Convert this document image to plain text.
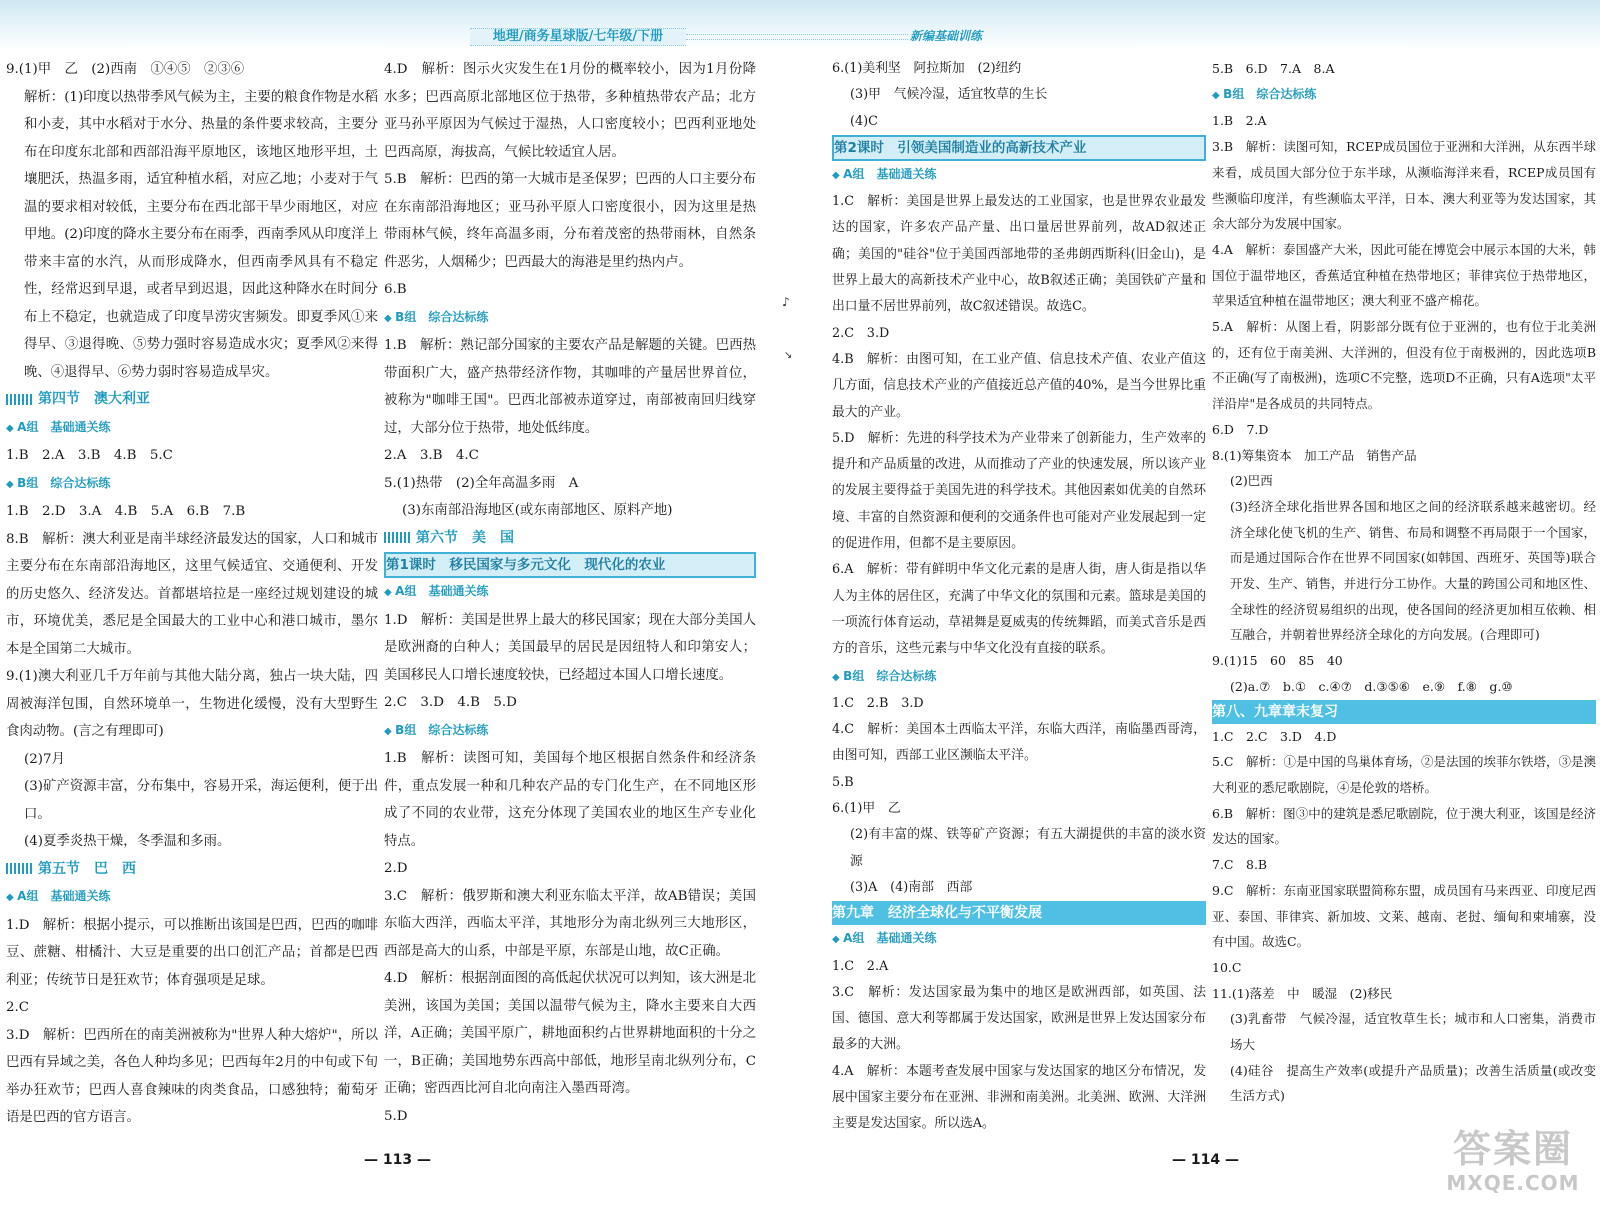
地理/商务星球版/七年级/下册	新编基础训练
♪
↘

9.(1)甲　乙　(2)西南　①④⑤　②③⑥

解析：(1)印度以热带季风气候为主，主要的粮食作物是水稻和小麦，其中水稻对于水分、热量的条件要求较高，主要分布在印度东北部和西部沿海平原地区，该地区地形平坦，土壤肥沃，热温多雨，适宜种植水稻，对应乙地；小麦对于气温的要求相对较低，主要分布在西北部干旱少雨地区，对应甲地。(2)印度的降水主要分布在雨季，西南季风从印度洋上带来丰富的水汽，从而形成降水，但西南季风具有不稳定性，经常迟到早退，或者早到迟退，因此这种降水在时间分布上不稳定，也就造成了印度旱涝灾害频发。即夏季风①来得早、③退得晚、⑤势力强时容易造成水灾；夏季风②来得晚、④退得早、⑥势力弱时容易造成旱灾。

第四节　澳大利亚

◆ A组　基础通关练

1.B　2.A　3.B　4.B　5.C

◆ B组　综合达标练

1.B　2.D　3.A　4.B　5.A　6.B　7.B

8.B　解析：澳大利亚是南半球经济最发达的国家，人口和城市主要分布在东南部沿海地区，这里气候适宜、交通便利、开发的历史悠久、经济发达。首都堪培拉是一座经过规划建设的城市，环境优美，悉尼是全国最大的工业中心和港口城市，墨尔本是全国第二大城市。

9.(1)澳大利亚几千万年前与其他大陆分离，独占一块大陆，四周被海洋包围，自然环境单一，生物进化缓慢，没有大型野生食肉动物。(言之有理即可)

(2)7月

(3)矿产资源丰富，分布集中，容易开采，海运便利，便于出口。

(4)夏季炎热干燥，冬季温和多雨。

第五节　巴　西

◆ A组　基础通关练

1.D　解析：根据小提示，可以推断出该国是巴西，巴西的咖啡豆、蔗糖、柑橘汁、大豆是重要的出口创汇产品；首都是巴西利亚；传统节日是狂欢节；体育强项是足球。

2.C

3.D　解析：巴西所在的南美洲被称为"世界人种大熔炉"，所以巴西有异域之美，各色人种均多见；巴西每年2月的中旬或下旬举办狂欢节；巴西人喜食辣味的肉类食品，口感独特；葡萄牙语是巴西的官方语言。

4.D　解析：图示火灾发生在1月份的概率较小，因为1月份降水多；巴西高原北部地区位于热带，多种植热带农产品；北方亚马孙平原因为气候过于湿热，人口密度较小；巴西利亚地处巴西高原，海拔高，气候比较适宜人居。

5.B　解析：巴西的第一大城市是圣保罗；巴西的人口主要分布在东南部沿海地区；亚马孙平原人口密度很小，因为这里是热带雨林气候，终年高温多雨，分布着茂密的热带雨林，自然条件恶劣，人烟稀少；巴西最大的海港是里约热内卢。

6.B

◆ B组　综合达标练

1.B　解析：熟记部分国家的主要农产品是解题的关键。巴西热带面积广大，盛产热带经济作物，其咖啡的产量居世界首位，被称为"咖啡王国"。巴西北部被赤道穿过，南部被南回归线穿过，大部分位于热带，地处低纬度。

2.A　3.B　4.C

5.(1)热带　(2)全年高温多雨　A

(3)东南部沿海地区(或东南部地区、原料产地)

第六节　美　国

第1课时　移民国家与多元文化　现代化的农业

◆ A组　基础通关练

1.D　解析：美国是世界上最大的移民国家；现在大部分美国人是欧洲裔的白种人；美国最早的居民是因纽特人和印第安人；美国移民人口增长速度较快，已经超过本国人口增长速度。

2.C　3.D　4.B　5.D

◆ B组　综合达标练

1.B　解析：读图可知，美国每个地区根据自然条件和经济条件，重点发展一种和几种农产品的专门化生产，在不同地区形成了不同的农业带，这充分体现了美国农业的地区生产专业化特点。

2.D

3.C　解析：俄罗斯和澳大利亚东临太平洋，故AB错误；美国东临大西洋，西临太平洋，其地形分为南北纵列三大地形区，西部是高大的山系，中部是平原，东部是山地，故C正确。

4.D　解析：根据剖面图的高低起伏状况可以判知，该大洲是北美洲，该国为美国；美国以温带气候为主，降水主要来自大西洋，A正确；美国平原广，耕地面积约占世界耕地面积的十分之一，B正确；美国地势东西高中部低，地形呈南北纵列分布，C正确；密西西比河自北向南注入墨西哥湾。

5.D

6.(1)美利坚　阿拉斯加　(2)纽约

(3)甲　气候冷湿，适宜牧草的生长

(4)C

第2课时　引领美国制造业的高新技术产业

◆ A组　基础通关练

1.C　解析：美国是世界上最发达的工业国家，也是世界农业最发达的国家，许多农产品产量、出口量居世界前列，故AD叙述正确；美国的"硅谷"位于美国西部地带的圣弗朗西斯科(旧金山)，是世界上最大的高新技术产业中心，故B叙述正确；美国铁矿产量和出口量不居世界前列，故C叙述错误。故选C。

2.C　3.D

4.B　解析：由图可知，在工业产值、信息技术产值、农业产值这几方面，信息技术产业的产值接近总产值的40%，是当今世界比重最大的产业。

5.D　解析：先进的科学技术为产业带来了创新能力，生产效率的提升和产品质量的改进，从而推动了产业的快速发展，所以该产业的发展主要得益于美国先进的科学技术。其他因素如优美的自然环境、丰富的自然资源和便利的交通条件也可能对产业发展起到一定的促进作用，但都不是主要原因。

6.A　解析：带有鲜明中华文化元素的是唐人街，唐人街是指以华人为主体的居住区，充满了中华文化的氛围和元素。篮球是美国的一项流行体育运动，草裙舞是夏威夷的传统舞蹈，而美式音乐是西方的音乐，这些元素与中华文化没有直接的联系。

◆ B组　综合达标练

1.C　2.B　3.D

4.C　解析：美国本土西临太平洋，东临大西洋，南临墨西哥湾，由图可知，西部工业区濒临太平洋。

5.B

6.(1)甲　乙

(2)有丰富的煤、铁等矿产资源；有五大湖提供的丰富的淡水资源

(3)A　(4)南部　西部

第九章　经济全球化与不平衡发展

◆ A组　基础通关练

1.C　2.A

3.C　解析：发达国家最为集中的地区是欧洲西部，如英国、法国、德国、意大利等都属于发达国家，欧洲是世界上发达国家分布最多的大洲。

4.A　解析：本题考查发展中国家与发达国家的地区分布情况，发展中国家主要分布在亚洲、非洲和南美洲。北美洲、欧洲、大洋洲主要是发达国家。所以选A。

5.B　6.D　7.A　8.A

◆ B组　综合达标练

1.B　2.A

3.B　解析：读图可知，RCEP成员国位于亚洲和大洋洲，从东西半球来看，成员国大部分位于东半球，从濒临海洋来看，RCEP成员国有些濒临印度洋，有些濒临太平洋，日本、澳大利亚等为发达国家，其余大部分为发展中国家。

4.A　解析：泰国盛产大米，因此可能在博览会中展示本国的大米，韩国位于温带地区，香蕉适宜种植在热带地区；菲律宾位于热带地区，苹果适宜种植在温带地区；澳大利亚不盛产棉花。

5.A　解析：从图上看，阴影部分既有位于亚洲的，也有位于北美洲的，还有位于南美洲、大洋洲的，但没有位于南极洲的，因此选项B不正确(写了南极洲)，选项C不完整，选项D不正确，只有A选项"太平洋沿岸"是各成员的共同特点。

6.D　7.D

8.(1)筹集资本　加工产品　销售产品

(2)巴西

(3)经济全球化指世界各国和地区之间的经济联系越来越密切。经济全球化使飞机的生产、销售、布局和调整不再局限于一个国家，而是通过国际合作在世界不同国家(如韩国、西班牙、英国等)联合开发、生产、销售，并进行分工协作。大量的跨国公司和地区性、全球性的经济贸易组织的出现，使各国间的经济更加相互依赖、相互融合，并朝着世界经济全球化的方向发展。(合理即可)

9.(1)15　60　85　40

(2)a.⑦　b.①　c.④⑦　d.③⑤⑥　e.⑨　f.⑧　g.⑩

第八、九章章末复习

1.C　2.C　3.D　4.D

5.C　解析：①是中国的鸟巢体育场，②是法国的埃菲尔铁塔，③是澳大利亚的悉尼歌剧院，④是伦敦的塔桥。

6.B　解析：图③中的建筑是悉尼歌剧院，位于澳大利亚，该国是经济发达的国家。

7.C　8.B

9.C　解析：东南亚国家联盟简称东盟，成员国有马来西亚、印度尼西亚、泰国、菲律宾、新加坡、文莱、越南、老挝、缅甸和柬埔寨，没有中国。故选C。

10.C

11.(1)落差　中　暖湿　(2)移民

(3)乳畜带　气候冷湿，适宜牧草生长；城市和人口密集，消费市场大

(4)硅谷　提高生产效率(或提升产品质量)；改善生活质量(或改变生活方式)

— 113 —	— 114 —	答案圈
MXQE.COM
